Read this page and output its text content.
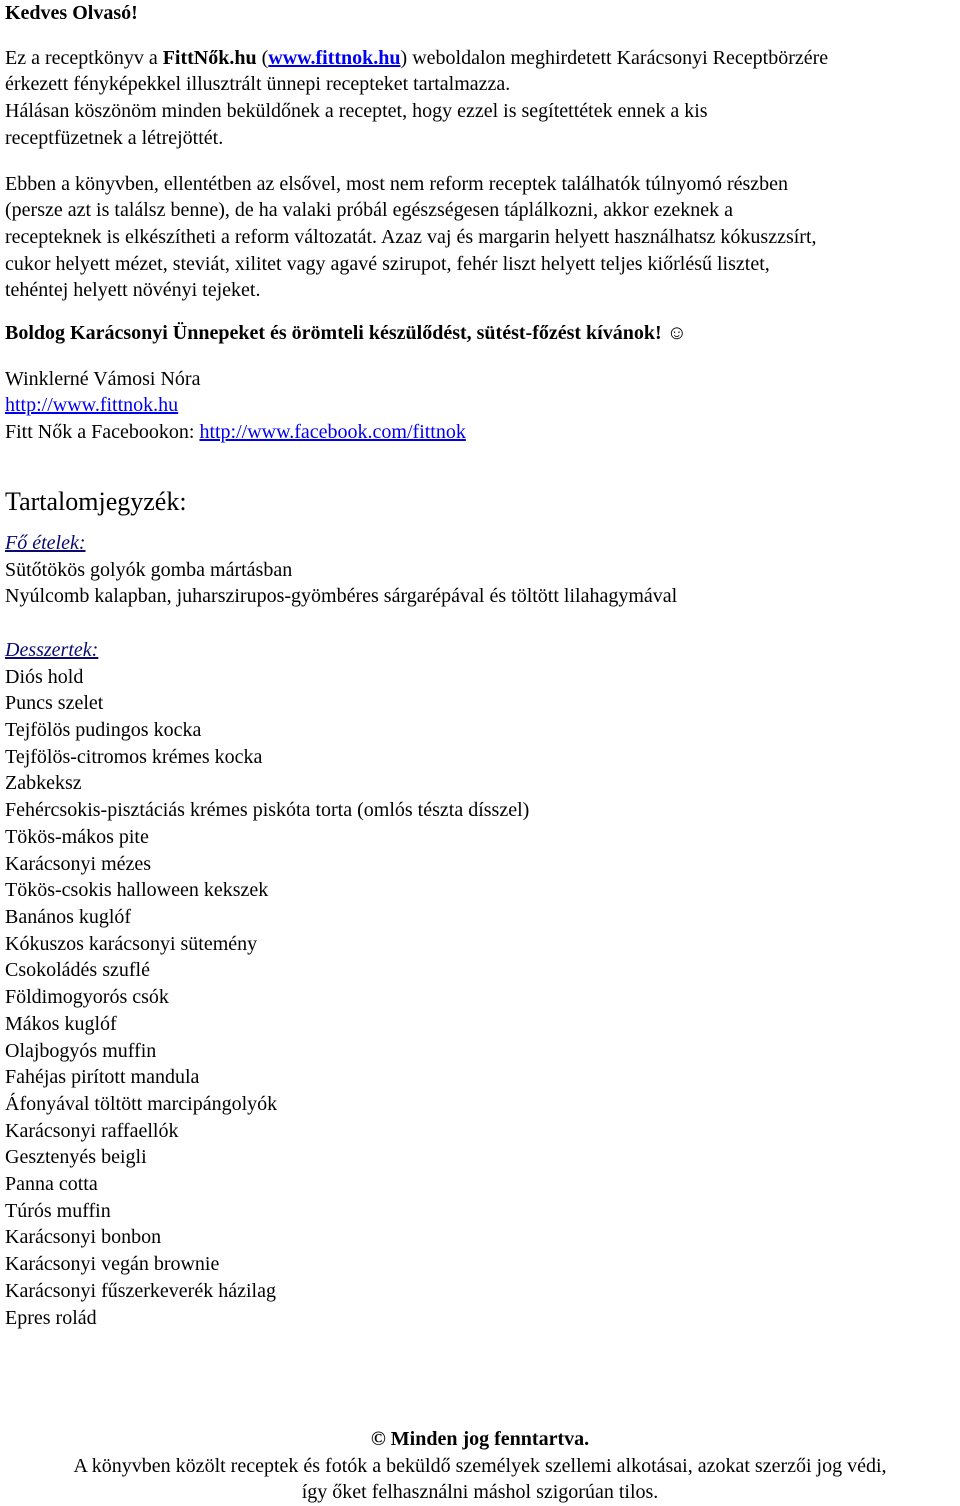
Kedves Olvasó!

Ez a receptkönyv a FittNők.hu (www.fittnok.hu) weboldalon meghirdetett Karácsonyi Receptbörzére

érkezett fényképekkel illusztrált ünnepi recepteket tartalmazza.

Hálásan köszönöm minden beküldőnek a receptet, hogy ezzel is segítettétek ennek a kis

receptfüzetnek a létrejöttét.

Ebben a könyvben, ellentétben az elsővel, most nem reform receptek találhatók túlnyomó részben

(persze azt is találsz benne), de ha valaki próbál egészségesen táplálkozni, akkor ezeknek a

recepteknek is elkészítheti a reform változatát. Azaz vaj és margarin helyett használhatsz kókuszzsírt,

cukor helyett mézet, steviát, xilitet vagy agavé szirupot, fehér liszt helyett teljes kiőrlésű lisztet,

tehéntej helyett növényi tejeket.

Boldog Karácsonyi Ünnepeket és örömteli készülődést, sütést-főzést kívánok! ☺

Winklerné Vámosi Nóra

http://www.fittnok.hu

Fitt Nők a Facebookon: http://www.facebook.com/fittnok

Tartalomjegyzék:

Fő ételek:

Sütőtökös golyók gomba mártásban
Nyúlcomb kalapban, juharszirupos-gyömbéres sárgarépával és töltött lilahagymával

Desszertek:

Diós hold
Puncs szelet
Tejfölös pudingos kocka
Tejfölös-citromos krémes kocka
Zabkeksz
Fehércsokis-pisztáciás krémes piskóta torta (omlós tészta dísszel)
Tökös-mákos pite
Karácsonyi mézes
Tökös-csokis halloween kekszek
Banános kuglóf
Kókuszos karácsonyi sütemény
Csokoládés szuflé
Földimogyorós csók
Mákos kuglóf
Olajbogyós muffin
Fahéjas pirított mandula
Áfonyával töltött marcipángolyók
Karácsonyi raffaellók
Gesztenyés beigli
Panna cotta
Túrós muffin
Karácsonyi bonbon
Karácsonyi vegán brownie
Karácsonyi fűszerkeverék házilag
Epres rolád

© Minden jog fenntartva.

A könyvben közölt receptek és fotók a beküldő személyek szellemi alkotásai, azokat szerzői jog védi,

így őket felhasználni máshol szigorúan tilos.
